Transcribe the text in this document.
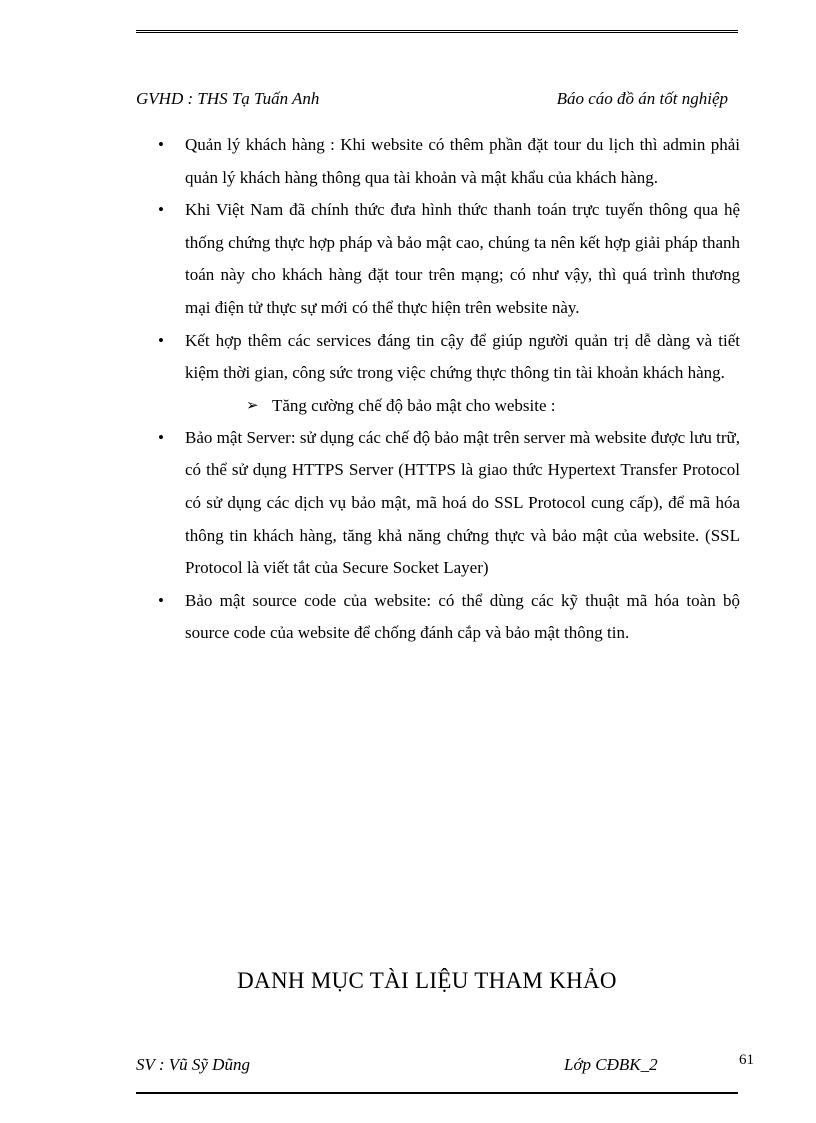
GVHD : THS Tạ Tuấn Anh	Báo cáo đồ án tốt nghiệp
• Quản lý khách hàng : Khi website có thêm phần đặt tour du lịch thì admin phải quản lý khách hàng thông qua tài khoản và mật khẩu của khách hàng.

• Khi Việt Nam đã chính thức đưa hình thức thanh toán trực tuyến thông qua hệ thống chứng thực hợp pháp và bảo mật cao, chúng ta nên kết hợp giải pháp thanh toán này cho khách hàng đặt tour trên mạng; có như vậy, thì quá trình thương mại điện tử thực sự mới có thể thực hiện trên website này.

• Kết hợp thêm các services đáng tin cậy để giúp người quản trị dễ dàng và tiết kiệm thời gian, công sức trong việc chứng thực thông tin tài khoản khách hàng.

➢ Tăng cường chế độ bảo mật cho website :
• Bảo mật Server: sử dụng các chế độ bảo mật trên server mà website được lưu trữ, có thể sử dụng HTTPS Server (HTTPS là giao thức Hypertext Transfer Protocol có sử dụng các dịch vụ bảo mật, mã hoá do SSL Protocol cung cấp), để mã hóa thông tin khách hàng, tăng khả năng chứng thực và bảo mật của website. (SSL Protocol là viết tắt của Secure Socket Layer)

• Bảo mật source code của website: có thể dùng các kỹ thuật mã hóa toàn bộ source code của website để chống đánh cắp và bảo mật thông tin.

DANH MỤC TÀI LIỆU THAM KHẢO
SV : Vũ Sỹ Dũng	Lớp CĐBK_2	61
